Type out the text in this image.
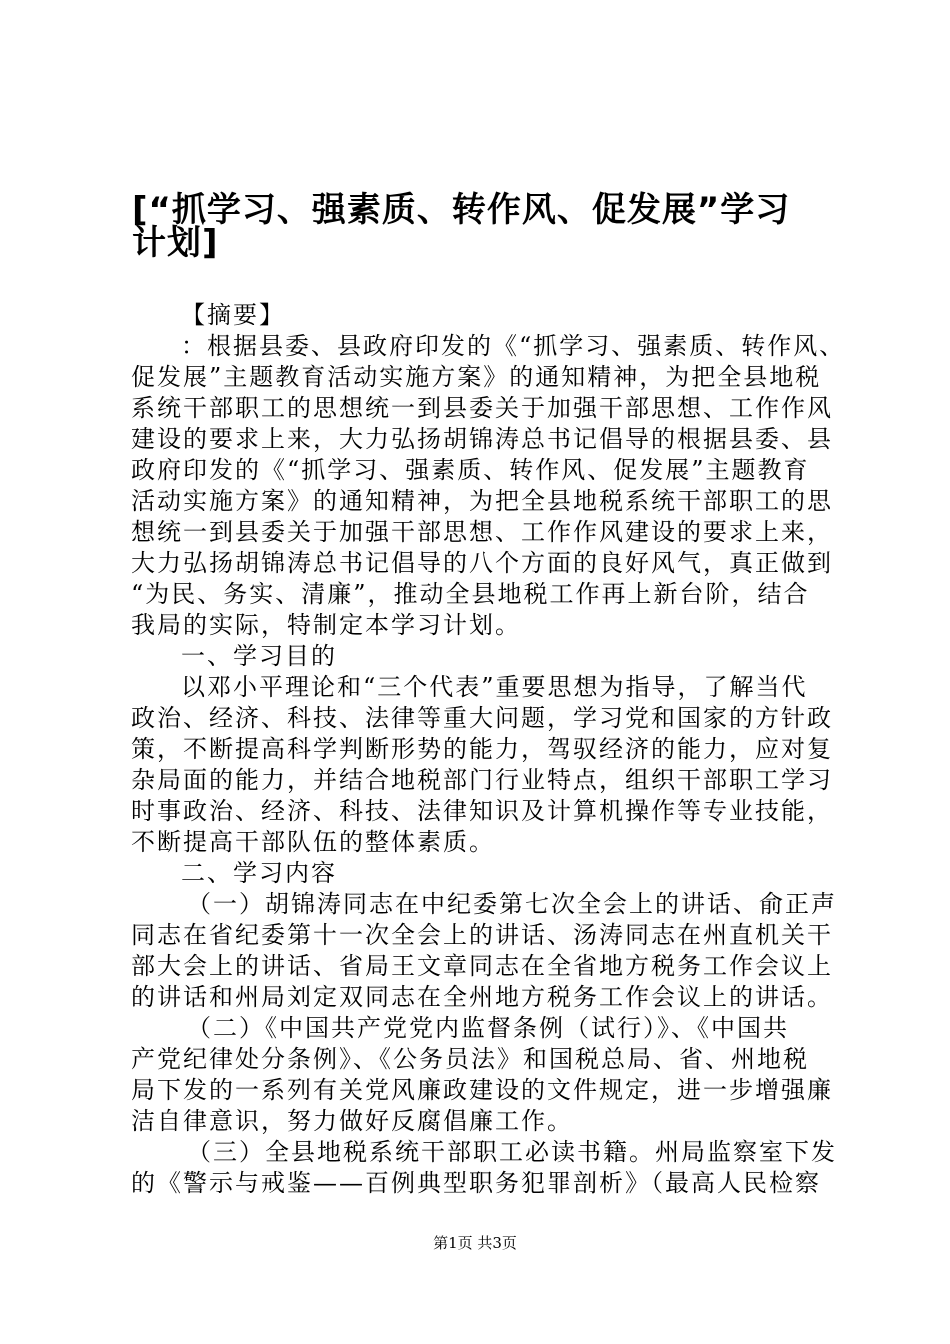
[“抓学习、强素质、转作风、促发展”学习
计划]
【摘要】
：根据县委、县政府印发的《“抓学习、强素质、转作风、
促发展”主题教育活动实施方案》的通知精神，为把全县地税
系统干部职工的思想统一到县委关于加强干部思想、工作作风
建设的要求上来，大力弘扬胡锦涛总书记倡导的根据县委、县
政府印发的《“抓学习、强素质、转作风、促发展”主题教育
活动实施方案》的通知精神，为把全县地税系统干部职工的思
想统一到县委关于加强干部思想、工作作风建设的要求上来，
大力弘扬胡锦涛总书记倡导的八个方面的良好风气，真正做到
“为民、务实、清廉”，推动全县地税工作再上新台阶，结合
我局的实际，特制定本学习计划。
一、学习目的
以邓小平理论和“三个代表”重要思想为指导，了解当代
政治、经济、科技、法律等重大问题，学习党和国家的方针政
策，不断提高科学判断形势的能力，驾驭经济的能力，应对复
杂局面的能力，并结合地税部门行业特点，组织干部职工学习
时事政治、经济、科技、法律知识及计算机操作等专业技能，
不断提高干部队伍的整体素质。
二、学习内容
（一）胡锦涛同志在中纪委第七次全会上的讲话、俞正声
同志在省纪委第十一次全会上的讲话、汤涛同志在州直机关干
部大会上的讲话、省局王文章同志在全省地方税务工作会议上
的讲话和州局刘定双同志在全州地方税务工作会议上的讲话。
（二）《中国共产党党内监督条例（试行）》、《中国共
产党纪律处分条例》、《公务员法》和国税总局、省、州地税
局下发的一系列有关党风廉政建设的文件规定，进一步增强廉
洁自律意识，努力做好反腐倡廉工作。
（三）全县地税系统干部职工必读书籍。州局监察室下发
的《警示与戒鉴——百例典型职务犯罪剖析》（最高人民检察
第1页 共3页
